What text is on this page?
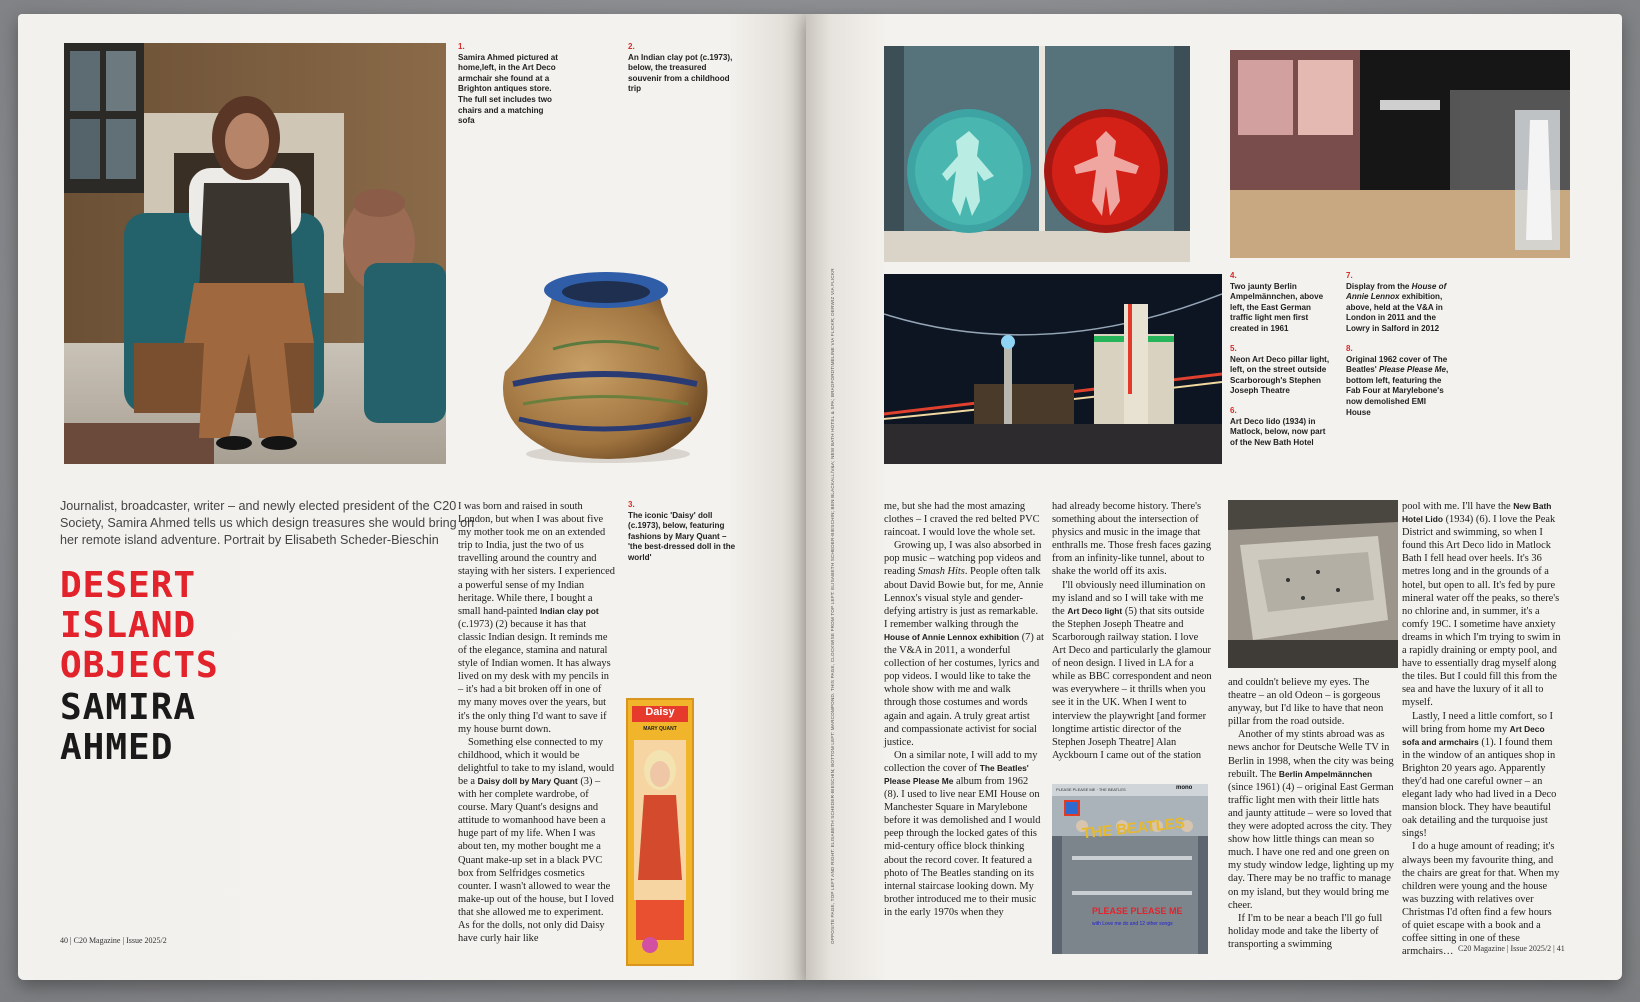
1.
Samira Ahmed pictured at home,left, in the Art Deco armchair she found at a Brighton antiques store. The full set includes two chairs and a matching sofa
2.
An Indian clay pot (c.1973), below, the treasured souvenir from a childhood trip
Journalist, broadcaster, writer – and newly elected president of the C20 Society, Samira Ahmed tells us which design treasures she would bring on her remote island adventure. Portrait by Elisabeth Scheder-Bieschin
DESERT
ISLAND
OBJECTS
SAMIRA
AHMED

I was born and raised in south London, but when I was about five my mother took me on an extended trip to India, just the two of us travelling around the country and staying with her sisters. I experienced a powerful sense of my Indian heritage. While there, I bought a small hand-painted Indian clay pot (c.1973) (2) because it has that classic Indian design. It reminds me of the elegance, stamina and natural style of Indian women. It has always lived on my desk with my pencils in – it's had a bit broken off in one of my many moves over the years, but it's the only thing I'd want to save if my house burnt down.

Something else connected to my childhood, which it would be delightful to take to my island, would be a Daisy doll by Mary Quant (3) – with her complete wardrobe, of course. Mary Quant's designs and attitude to womanhood have been a huge part of my life. When I was about ten, my mother bought me a Quant make-up set in a black PVC box from Selfridges cosmetics counter. I wasn't allowed to wear the make-up out of the house, but I loved that she allowed me to experiment. As for the dolls, not only did Daisy have curly hair like

3.
The iconic 'Daisy' doll (c.1973), below, featuring fashions by Mary Quant – 'the best-dressed doll in the world'
Daisy
MARY QUANT
40 | C20 Magazine | Issue 2025/2	OPPOSITE PAGE, TOP LEFT AND RIGHT: ELISABETH SCHEDER-BIESCHIN; BOTTOM LEFT: MARCOMPOND. THIS PAGE, CLOCKWISE FROM TOP LEFT: ELISABETH SCHEDER-BIESCHIN; BEN BLACKALL/V&A; NEW BATH HOTEL & SPA; BRADFORDTIMELINE VIA FLICKR; DERWIZ VIA FLICKR	4.
Two jaunty Berlin Ampelmännchen, above left, the East German traffic light men first created in 1961
5.
Neon Art Deco pillar light, left, on the street outside Scarborough's Stephen Joseph Theatre
6.
Art Deco lido (1934) in Matlock, below, now part of the New Bath Hotel
7.
Display from the House of Annie Lennox exhibition, above, held at the V&A in London in 2011 and the Lowry in Salford in 2012
8.
Original 1962 cover of The Beatles' Please Please Me, bottom left, featuring the Fab Four at Marylebone's now demolished EMI House

me, but she had the most amazing clothes – I craved the red belted PVC raincoat. I would love the whole set.

Growing up, I was also absorbed in pop music – watching pop videos and reading Smash Hits. People often talk about David Bowie but, for me, Annie Lennox's visual style and gender-defying artistry is just as remarkable. I remember walking through the House of Annie Lennox exhibition (7) at the V&A in 2011, a wonderful collection of her costumes, lyrics and pop videos. I would like to take the whole show with me and walk through those costumes and words again and again. A truly great artist and compassionate activist for social justice.

On a similar note, I will add to my collection the cover of The Beatles' Please Please Me album from 1962 (8). I used to live near EMI House on Manchester Square in Marylebone before it was demolished and I would peep through the locked gates of this mid-century office block thinking about the record cover. It featured a photo of The Beatles standing on its internal staircase looking down. My brother introduced me to their music in the early 1970s when they

had already become history. There's something about the intersection of physics and music in the image that enthralls me. Those fresh faces gazing from an infinity-like tunnel, about to shake the world off its axis.

I'll obviously need illumination on my island and so I will take with me the Art Deco light (5) that sits outside the Stephen Joseph Theatre and Scarborough railway station. I love Art Deco and particularly the glamour of neon design. I lived in LA for a while as BBC correspondent and neon was everywhere – it thrills when you see it in the UK. When I went to interview the playwright [and former longtime artistic director of the Stephen Joseph Theatre] Alan Ayckbourn I came out of the station

PLEASE PLEASE ME · THE BEATLES	mono
THE BEATLES
PLEASE PLEASE ME
with Love me do and 12 other songs

and couldn't believe my eyes. The theatre – an old Odeon – is gorgeous anyway, but I'd like to have that neon pillar from the road outside.

Another of my stints abroad was as news anchor for Deutsche Welle TV in Berlin in 1998, when the city was being rebuilt. The Berlin Ampelmännchen (since 1961) (4) – original East German traffic light men with their little hats and jaunty attitude – were so loved that they were adopted across the city. They show how little things can mean so much. I have one red and one green on my study window ledge, lighting up my day. There may be no traffic to manage on my island, but they would bring me cheer.

If I'm to be near a beach I'll go full holiday mode and take the liberty of transporting a swimming

pool with me. I'll have the New Bath Hotel Lido (1934) (6). I love the Peak District and swimming, so when I found this Art Deco lido in Matlock Bath I fell head over heels. It's 36 metres long and in the grounds of a hotel, but open to all. It's fed by pure mineral water off the peaks, so there's no chlorine and, in summer, it's a comfy 19C. I sometime have anxiety dreams in which I'm trying to swim in a rapidly draining or empty pool, and have to essentially drag myself along the tiles. But I could fill this from the sea and have the luxury of it all to myself.

Lastly, I need a little comfort, so I will bring from home my Art Deco sofa and armchairs (1). I found them in the window of an antiques shop in Brighton 20 years ago. Apparently they'd had one careful owner – an elegant lady who had lived in a Deco mansion block. They have beautiful oak detailing and the turquoise just sings!

I do a huge amount of reading; it's always been my favourite thing, and the chairs are great for that. When my children were young and the house was buzzing with relatives over Christmas I'd often find a few hours of quiet escape with a book and a coffee sitting in one of these armchairs… C20 Magazine | Issue 2025/2 | 41
